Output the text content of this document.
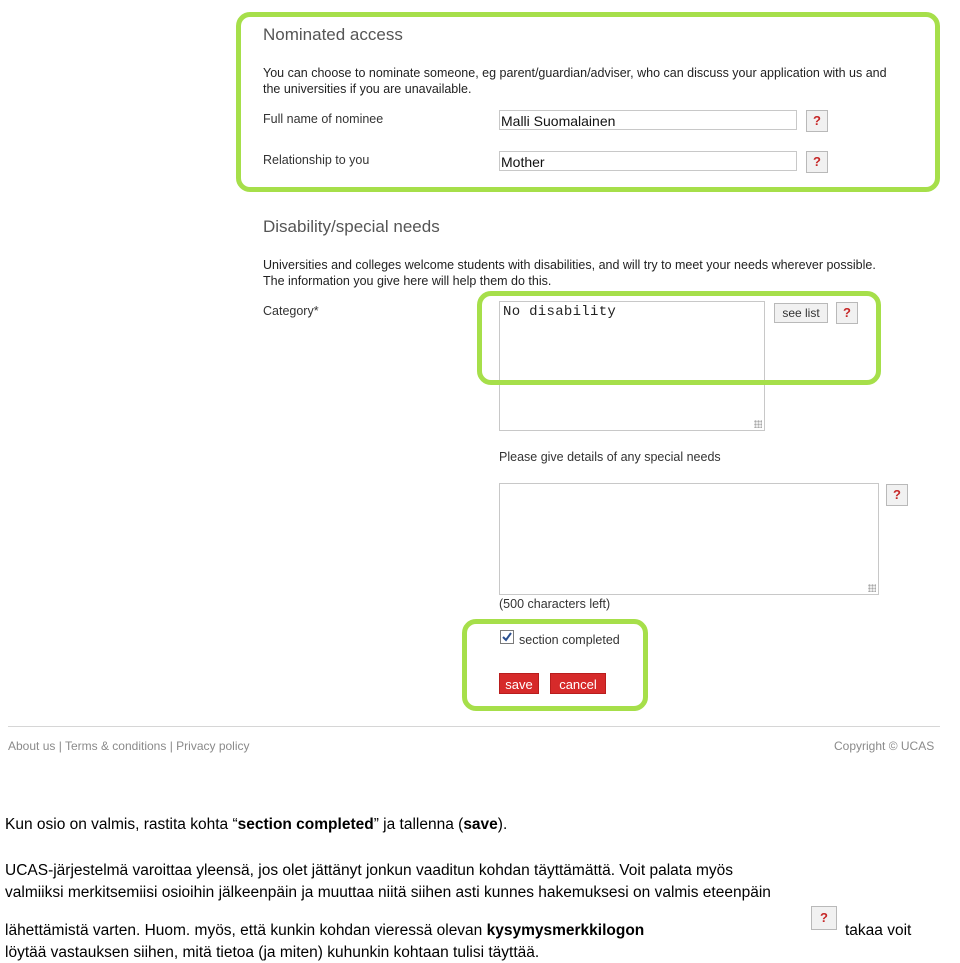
Nominated access
You can choose to nominate someone, eg parent/guardian/adviser, who can discuss your application with us and
the universities if you are unavailable.
Full name of nominee	Malli Suomalainen	?
Relationship to you	Mother	?
Disability/special needs
Universities and colleges welcome students with disabilities, and will try to meet your needs wherever possible.
The information you give here will help them do this.
Category*	No disability	see list	?
Please give details of any special needs
?
(500 characters left)
section completed
save	cancel
About us | Terms & conditions | Privacy policy	Copyright © UCAS
Kun osio on valmis, rastita kohta “section completed” ja tallenna (save).
UCAS-järjestelmä varoittaa yleensä, jos olet jättänyt jonkun vaaditun kohdan täyttämättä. Voit palata myös
valmiiksi merkitsemiisi osioihin jälkeenpäin ja muuttaa niitä siihen asti kunnes hakemuksesi on valmis eteenpäin
lähettämistä varten. Huom. myös, että kunkin kohdan vieressä olevan kysymysmerkkilogon
?
takaa voit
löytää vastauksen siihen, mitä tietoa (ja miten) kuhunkin kohtaan tulisi täyttää.
